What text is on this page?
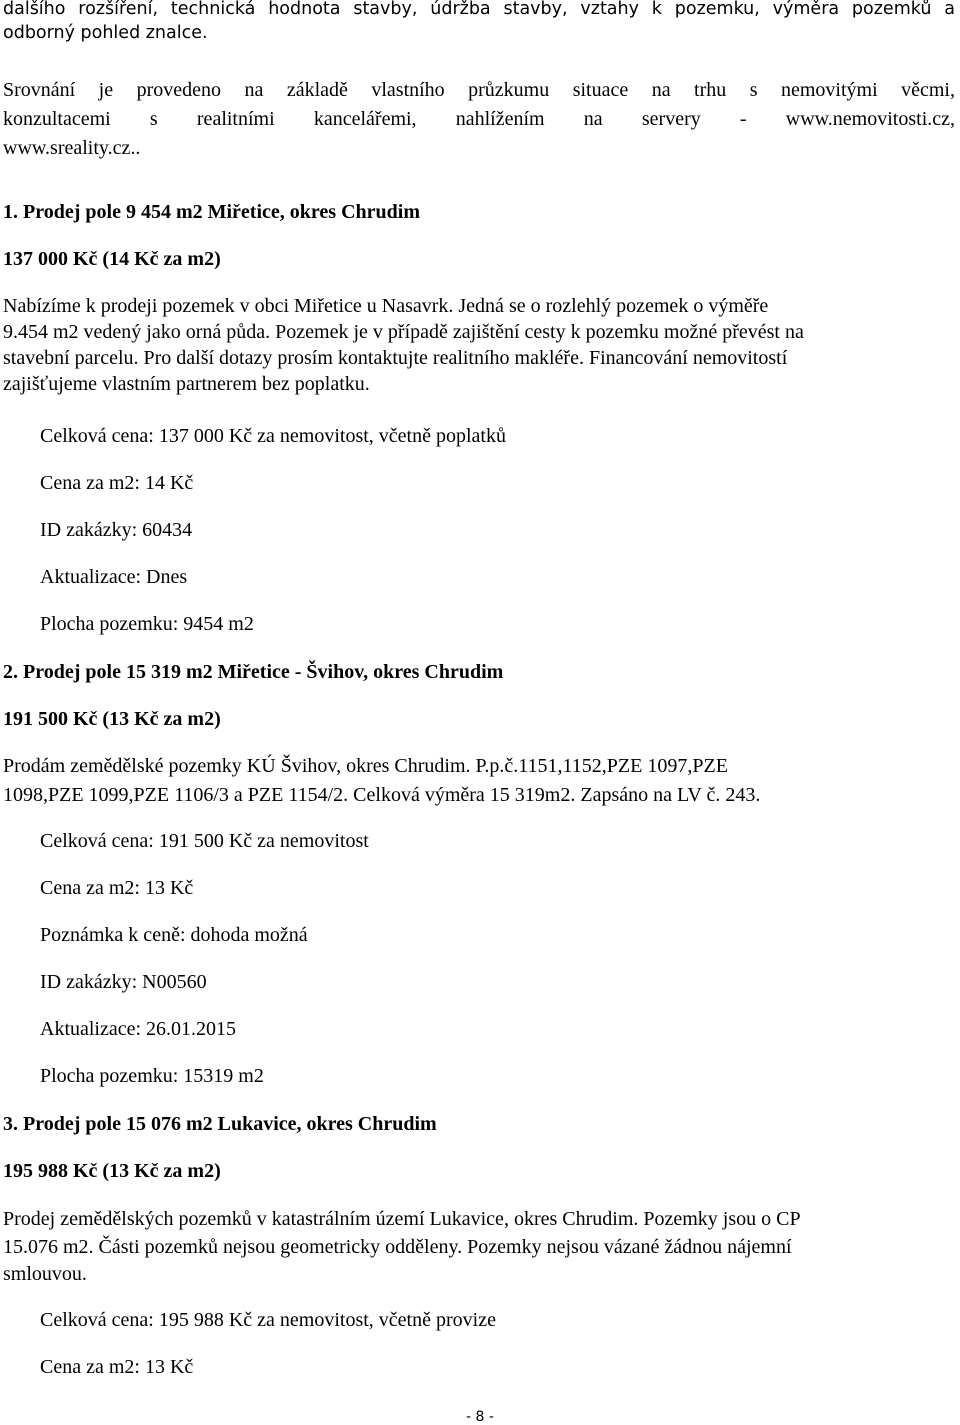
dalšího rozšíření, technická hodnota stavby, údržba stavby, vztahy k pozemku, výměra pozemků a

odborný pohled znalce.

Srovnání je provedeno na základě vlastního průzkumu situace na trhu s nemovitými věcmi,

konzultacemi s realitními kancelářemi, nahlížením na servery - www.nemovitosti.cz,

www.sreality.cz..

1. Prodej pole 9 454 m2 Miřetice, okres Chrudim

137 000 Kč (14 Kč za m2)

Nabízíme k prodeji pozemek v obci Miřetice u Nasavrk. Jedná se o rozlehlý pozemek o výměře

9.454 m2 vedený jako orná půda. Pozemek je v případě zajištění cesty k pozemku možné převést na

stavební parcelu. Pro další dotazy prosím kontaktujte realitního makléře. Financování nemovitostí

zajišťujeme vlastním partnerem bez poplatku.

Celková cena: 137 000 Kč za nemovitost, včetně poplatků

Cena za m2: 14 Kč

ID zakázky: 60434

Aktualizace: Dnes

Plocha pozemku: 9454 m2

2. Prodej pole 15 319 m2 Miřetice - Švihov, okres Chrudim

191 500 Kč (13 Kč za m2)

Prodám zemědělské pozemky KÚ Švihov, okres Chrudim. P.p.č.1151,1152,PZE 1097,PZE

1098,PZE 1099,PZE 1106/3 a PZE 1154/2. Celková výměra 15 319m2. Zapsáno na LV č. 243.

Celková cena: 191 500 Kč za nemovitost

Cena za m2: 13 Kč

Poznámka k ceně: dohoda možná

ID zakázky: N00560

Aktualizace: 26.01.2015

Plocha pozemku: 15319 m2

3. Prodej pole 15 076 m2 Lukavice, okres Chrudim

195 988 Kč (13 Kč za m2)

Prodej zemědělských pozemků v katastrálním území Lukavice, okres Chrudim. Pozemky jsou o CP

15.076 m2. Části pozemků nejsou geometricky odděleny. Pozemky nejsou vázané žádnou nájemní

smlouvou.

Celková cena: 195 988 Kč za nemovitost, včetně provize

Cena za m2: 13 Kč

- 8 -
